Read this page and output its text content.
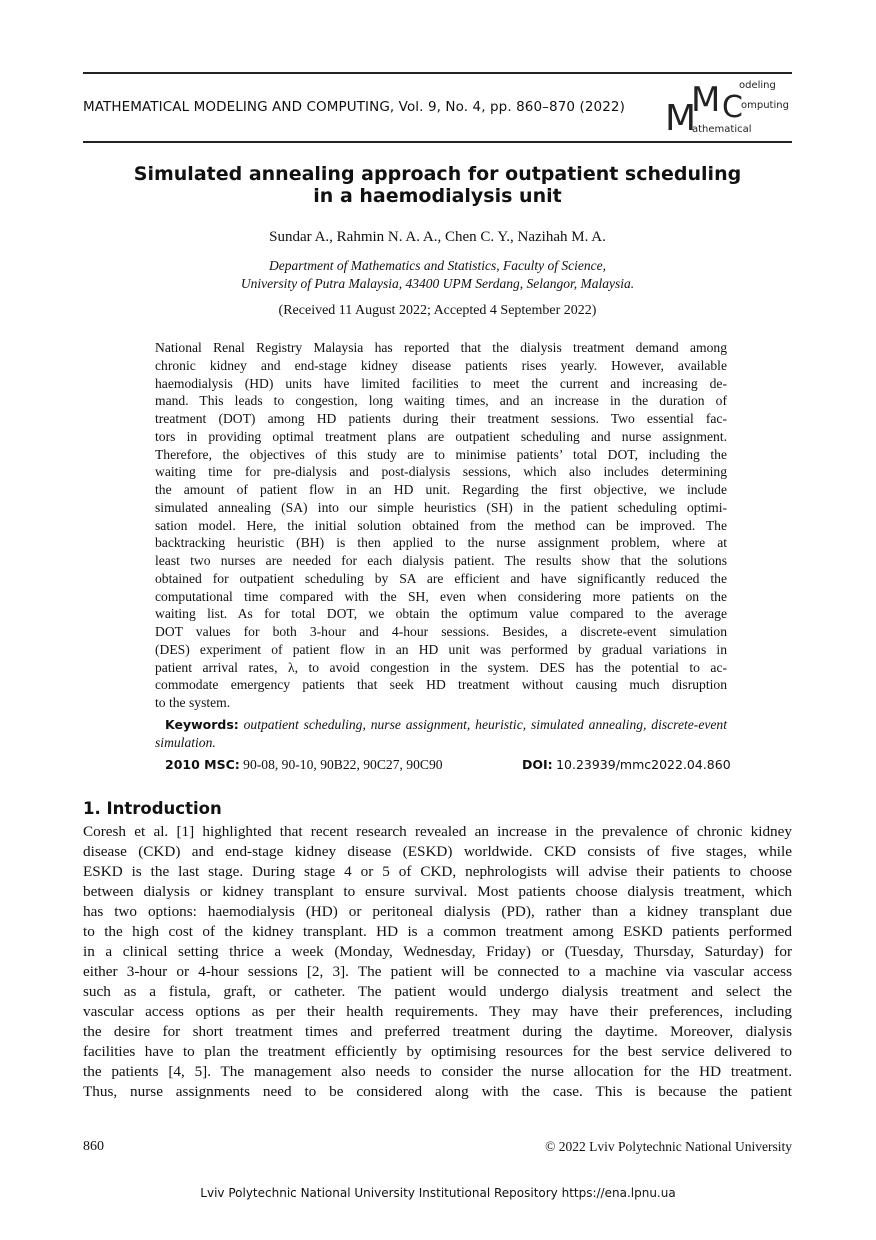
MATHEMATICAL MODELING AND COMPUTING, Vol. 9, No. 4, pp. 860–870 (2022) M
M C
odeling
omputing
athematical
Simulated annealing approach for outpatient scheduling
in a haemodialysis unit
Sundar A., Rahmin N. A. A., Chen C. Y., Nazihah M. A.
Department of Mathematics and Statistics, Faculty of Science,
University of Putra Malaysia, 43400 UPM Serdang, Selangor, Malaysia.
(Received 11 August 2022; Accepted 4 September 2022)
National Renal Registry Malaysia has reported that the dialysis treatment demand among
chronic kidney and end-stage kidney disease patients rises yearly. However, available
haemodialysis (HD) units have limited facilities to meet the current and increasing de-
mand. This leads to congestion, long waiting times, and an increase in the duration of
treatment (DOT) among HD patients during their treatment sessions. Two essential fac-
tors in providing optimal treatment plans are outpatient scheduling and nurse assignment.
Therefore, the objectives of this study are to minimise patients’ total DOT, including the
waiting time for pre-dialysis and post-dialysis sessions, which also includes determining
the amount of patient flow in an HD unit. Regarding the first objective, we include
simulated annealing (SA) into our simple heuristics (SH) in the patient scheduling optimi-
sation model. Here, the initial solution obtained from the method can be improved. The
backtracking heuristic (BH) is then applied to the nurse assignment problem, where at
least two nurses are needed for each dialysis patient. The results show that the solutions
obtained for outpatient scheduling by SA are efficient and have significantly reduced the
computational time compared with the SH, even when considering more patients on the
waiting list. As for total DOT, we obtain the optimum value compared to the average
DOT values for both 3-hour and 4-hour sessions. Besides, a discrete-event simulation
(DES) experiment of patient flow in an HD unit was performed by gradual variations in
patient arrival rates, λ, to avoid congestion in the system. DES has the potential to ac-
commodate emergency patients that seek HD treatment without causing much disruption
to the system.
Keywords: outpatient scheduling, nurse assignment, heuristic, simulated annealing, discrete-event simulation.
2010 MSC: 90-08, 90-10, 90B22, 90C27, 90C90	DOI: 10.23939/mmc2022.04.860
1. Introduction
Coresh et al. [1] highlighted that recent research revealed an increase in the prevalence of chronic kidney
disease (CKD) and end-stage kidney disease (ESKD) worldwide. CKD consists of five stages, while
ESKD is the last stage. During stage 4 or 5 of CKD, nephrologists will advise their patients to choose
between dialysis or kidney transplant to ensure survival. Most patients choose dialysis treatment, which
has two options: haemodialysis (HD) or peritoneal dialysis (PD), rather than a kidney transplant due
to the high cost of the kidney transplant. HD is a common treatment among ESKD patients performed
in a clinical setting thrice a week (Monday, Wednesday, Friday) or (Tuesday, Thursday, Saturday) for
either 3-hour or 4-hour sessions [2, 3]. The patient will be connected to a machine via vascular access
such as a fistula, graft, or catheter. The patient would undergo dialysis treatment and select the
vascular access options as per their health requirements. They may have their preferences, including
the desire for short treatment times and preferred treatment during the daytime. Moreover, dialysis
facilities have to plan the treatment efficiently by optimising resources for the best service delivered to
the patients [4, 5]. The management also needs to consider the nurse allocation for the HD treatment.
Thus, nurse assignments need to be considered along with the case. This is because the patient
860	© 2022 Lviv Polytechnic National University
Lviv Polytechnic National University Institutional Repository https://ena.lpnu.ua
